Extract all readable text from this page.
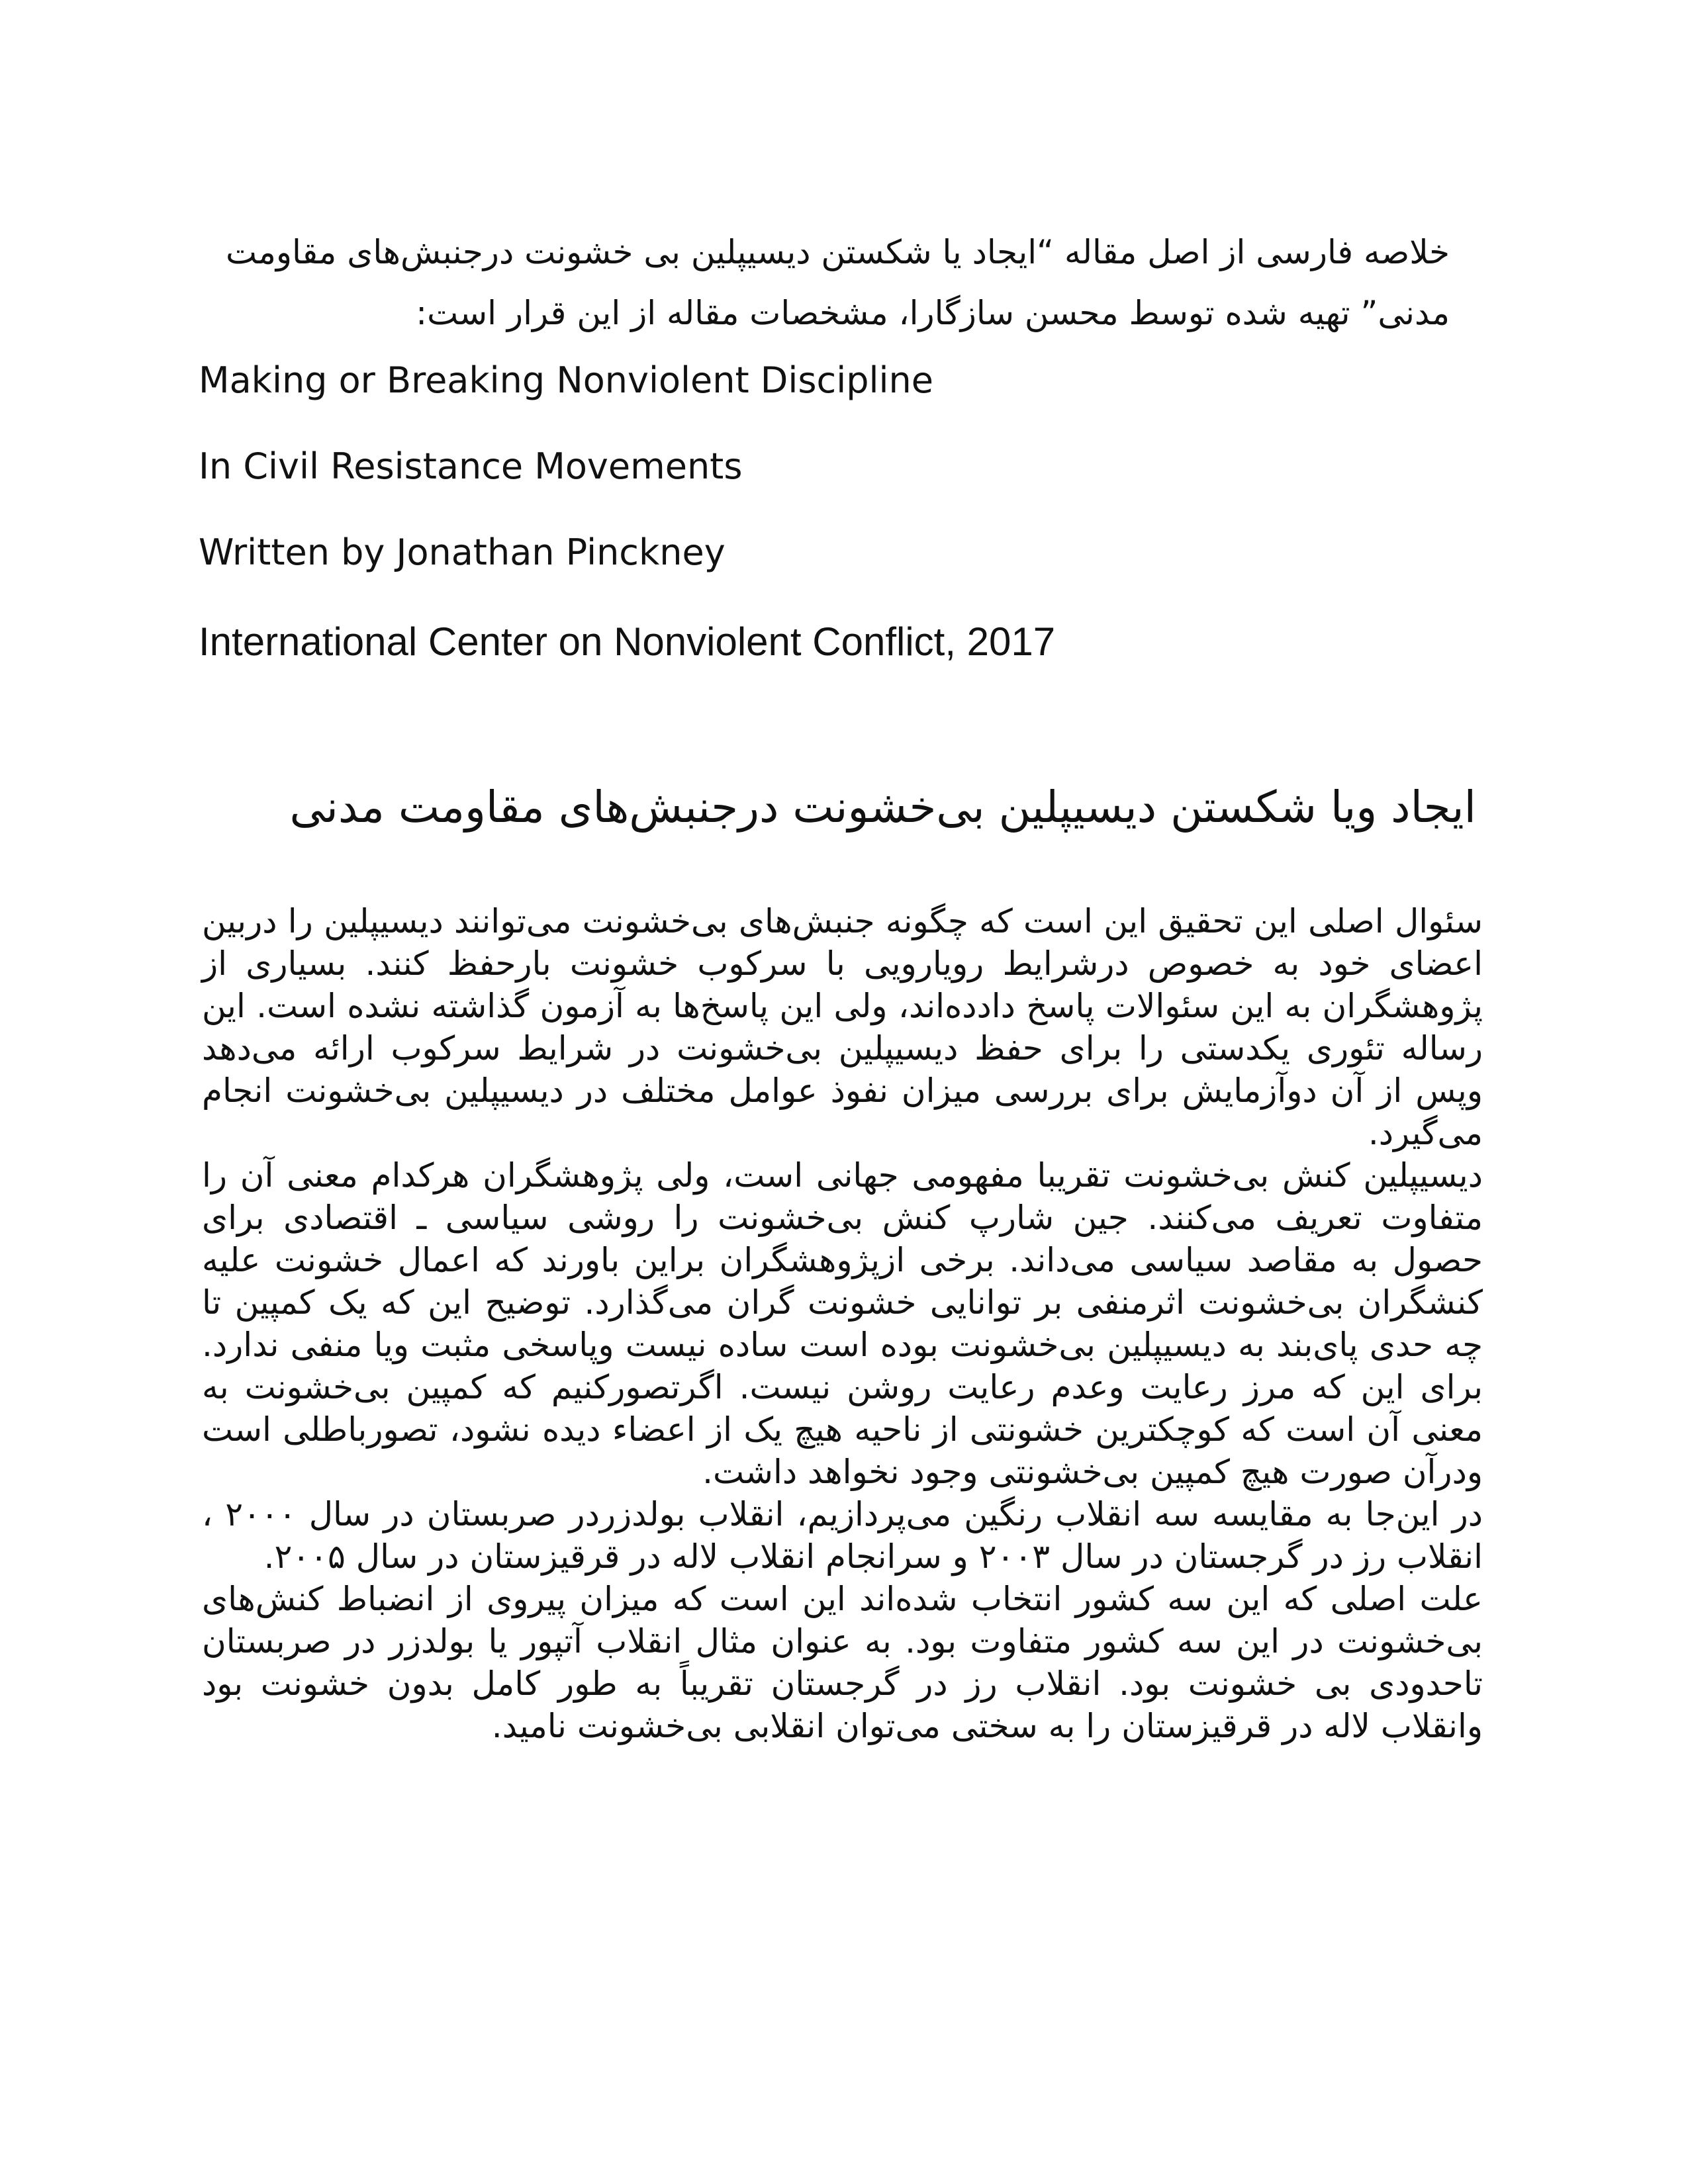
خلاصه فارسی از اصل مقاله “ایجاد یا شکستن دیسیپلین بی خشونت درجنبش‌های مقاومت مدنی” تهیه شده توسط محسن سازگارا، مشخصات مقاله از این قرار است:

Making or Breaking Nonviolent Discipline

In Civil Resistance Movements

Written by Jonathan Pinckney

International Center on Nonviolent Conflict, 2017

ایجاد ویا شکستن دیسیپلین بی‌خشونت درجنبش‌های مقاومت مدنی

سئوال اصلی این تحقیق این است که چگونه جنبش‌های بی‌خشونت می‌توانند دیسیپلین را دربین اعضای خود به خصوص درشرایط رویارویی با سرکوب خشونت بارحفظ کنند. بسیاری از پژوهشگران به این سئوالات پاسخ دادده‌اند، ولی این پاسخ‌ها به آزمون گذاشته نشده است. این رساله تئوری یکدستی را برای حفظ دیسیپلین بی‌خشونت در شرایط سرکوب ارائه می‌دهد وپس از آن دوآزمایش برای بررسی میزان نفوذ عوامل مختلف در دیسیپلین بی‌خشونت انجام می‌گیرد.

دیسیپلین کنش بی‌خشونت تقریبا مفهومی جهانی است، ولی پژوهشگران هرکدام معنی آن را متفاوت تعریف می‌کنند. جین شارپ کنش بی‌خشونت را روشی سیاسی ـ اقتصادی برای حصول به مقاصد سیاسی می‌داند. برخی ازپژوهشگران براین باورند که اعمال خشونت علیه کنشگران بی‌خشونت اثرمنفی بر توانایی خشونت گران می‌گذارد. توضیح این که یک کمپین تا چه حدی پای‌بند به دیسیپلین بی‌خشونت بوده است ساده نیست وپاسخی مثبت ویا منفی ندارد. برای این که مرز رعایت وعدم رعایت روشن نیست. اگرتصورکنیم که کمپین بی‌خشونت به معنی آن است که کوچکترین خشونتی از ناحیه هیچ یک از اعضاء دیده نشود، تصورباطلی است ودرآن صورت هیچ کمپین بی‌خشونتی وجود نخواهد داشت.

در این‌جا به مقایسه سه انقلاب رنگین می‌پردازیم، انقلاب بولدزردر صربستان در سال ۲۰۰۰ ، انقلاب رز در گرجستان در سال ۲۰۰۳ و سرانجام انقلاب لاله در قرقیزستان در سال ۲۰۰۵.

علت اصلی که این سه کشور انتخاب شده‌اند این است که میزان پیروی از انضباط کنش‌های بی‌خشونت در این سه کشور متفاوت بود. به عنوان مثال انقلاب آتپور یا بولدزر در صربستان تاحدودی بی خشونت بود. انقلاب رز در گرجستان تقریباً به طور کامل بدون خشونت بود وانقلاب لاله در قرقیزستان را به سختی می‌توان انقلابی بی‌خشونت نامید.
